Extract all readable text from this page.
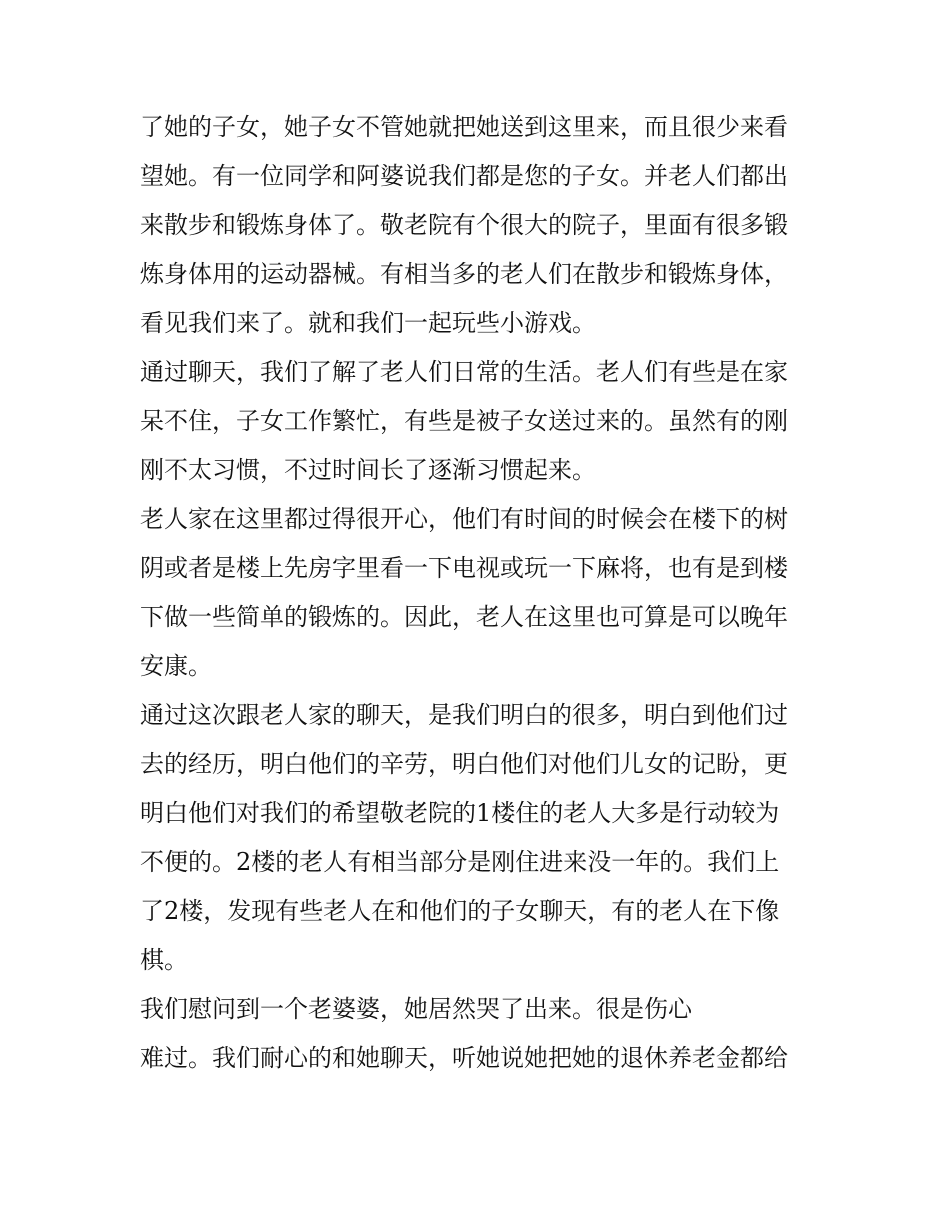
了她的子女，她子女不管她就把她送到这里来，而且很少来看
望她。有一位同学和阿婆说我们都是您的子女。并老人们都出
来散步和锻炼身体了。敬老院有个很大的院子，里面有很多锻
炼身体用的运动器械。有相当多的老人们在散步和锻炼身体，
看见我们来了。就和我们一起玩些小游戏。
通过聊天，我们了解了老人们日常的生活。老人们有些是在家
呆不住，子女工作繁忙，有些是被子女送过来的。虽然有的刚
刚不太习惯，不过时间长了逐渐习惯起来。
老人家在这里都过得很开心，他们有时间的时候会在楼下的树
阴或者是楼上先房字里看一下电视或玩一下麻将，也有是到楼
下做一些简单的锻炼的。因此，老人在这里也可算是可以晚年
安康。
通过这次跟老人家的聊天，是我们明白的很多，明白到他们过
去的经历，明白他们的辛劳，明白他们对他们儿女的记盼，更
明白他们对我们的希望敬老院的1楼住的老人大多是行动较为
不便的。2楼的老人有相当部分是刚住进来没一年的。我们上
了2楼，发现有些老人在和他们的子女聊天，有的老人在下像
棋。
我们慰问到一个老婆婆，她居然哭了出来。很是伤心
难过。我们耐心的和她聊天，听她说她把她的退休养老金都给
